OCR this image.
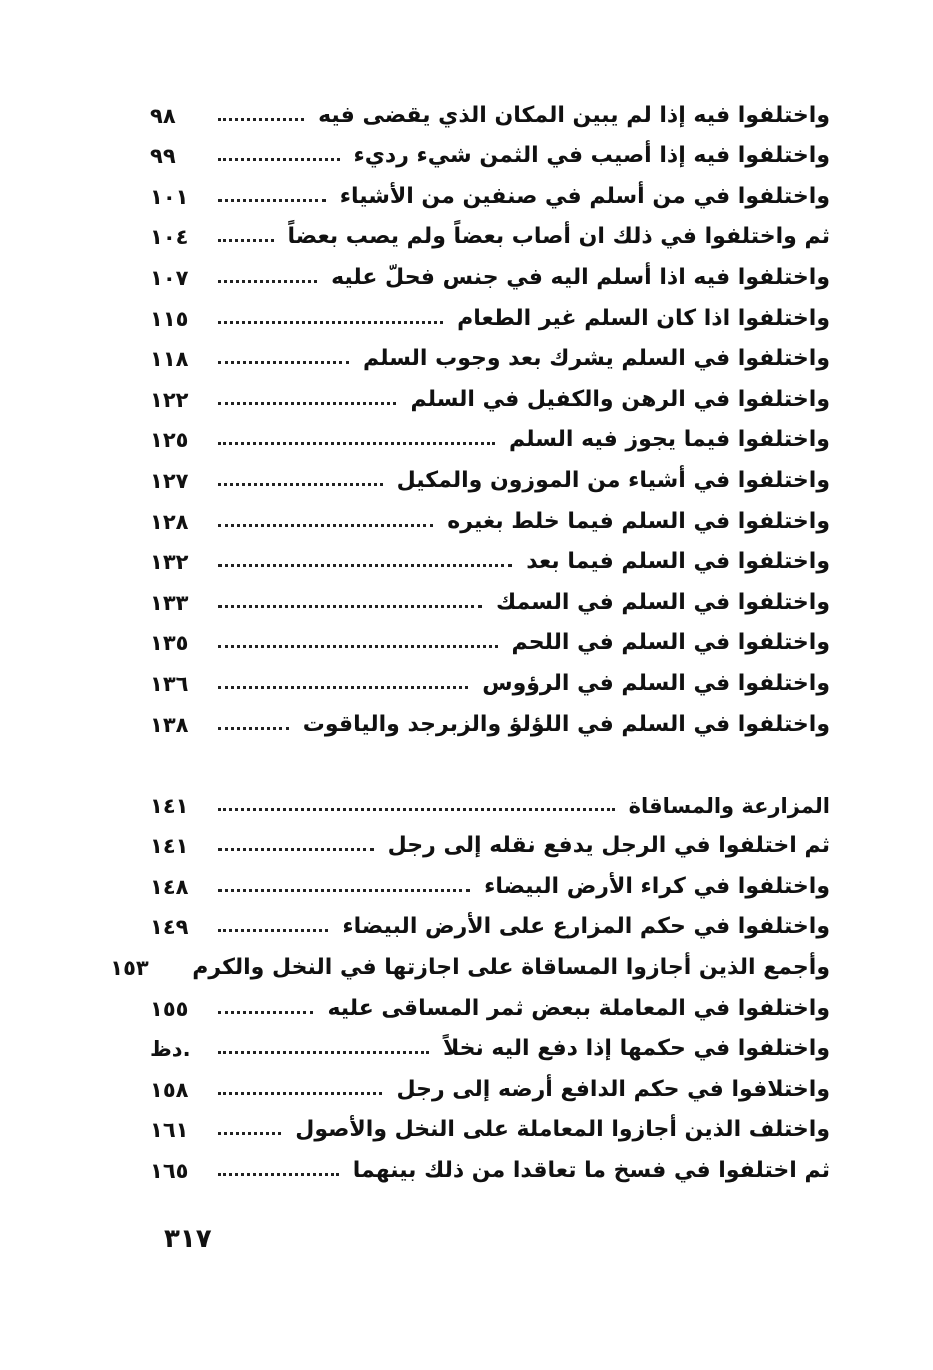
واختلفوا فيه إذا لم يبين المكان الذي يقضى فيه
٩٨
واختلفوا فيه إذا أصيب في الثمن شيء رديء
٩٩
واختلفوا في من أسلم في صنفين من الأشياء
١٠١
ثم واختلفوا في ذلك ان أصاب بعضاً ولم يصب بعضاً
١٠٤
واختلفوا فيه اذا أسلم اليه في جنس فحلّ عليه
١٠٧
واختلفوا اذا كان السلم غير الطعام
١١٥
واختلفوا في السلم يشرك بعد وجوب السلم
١١٨
واختلفوا في الرهن والكفيل في السلم
١٢٢
واختلفوا فيما يجوز فيه السلم
١٢٥
واختلفوا في أشياء من الموزون والمكيل
١٢٧
واختلفوا في السلم فيما خلط بغيره
١٢٨
واختلفوا في السلم فيما بعد
١٣٢
واختلفوا في السلم في السمك
١٣٣
واختلفوا في السلم في اللحم
١٣٥
واختلفوا في السلم في الرؤوس
١٣٦
واختلفوا في السلم في اللؤلؤ والزبرجد والياقوت
١٣٨
المزارعة والمساقاة
١٤١
ثم اختلفوا في الرجل يدفع نقله إلى رجل
١٤١
واختلفوا في كراء الأرض البيضاء
١٤٨
واختلفوا في حكم المزارع على الأرض البيضاء
١٤٩
وأجمع الذين أجازوا المساقاة على اجازتها في النخل والكرم
١٥٣
واختلفوا في المعاملة ببعض ثمر المساقى عليه
١٥٥
واختلفوا في حكمها إذا دفع اليه نخلاً
.دظ
واختلافوا في حكم الدافع أرضه إلى رجل
١٥٨
واختلف الذين أجازوا المعاملة على النخل والأصول
١٦١
ثم اختلفوا في فسخ ما تعاقدا من ذلك بينهما
١٦٥
٣١٧
